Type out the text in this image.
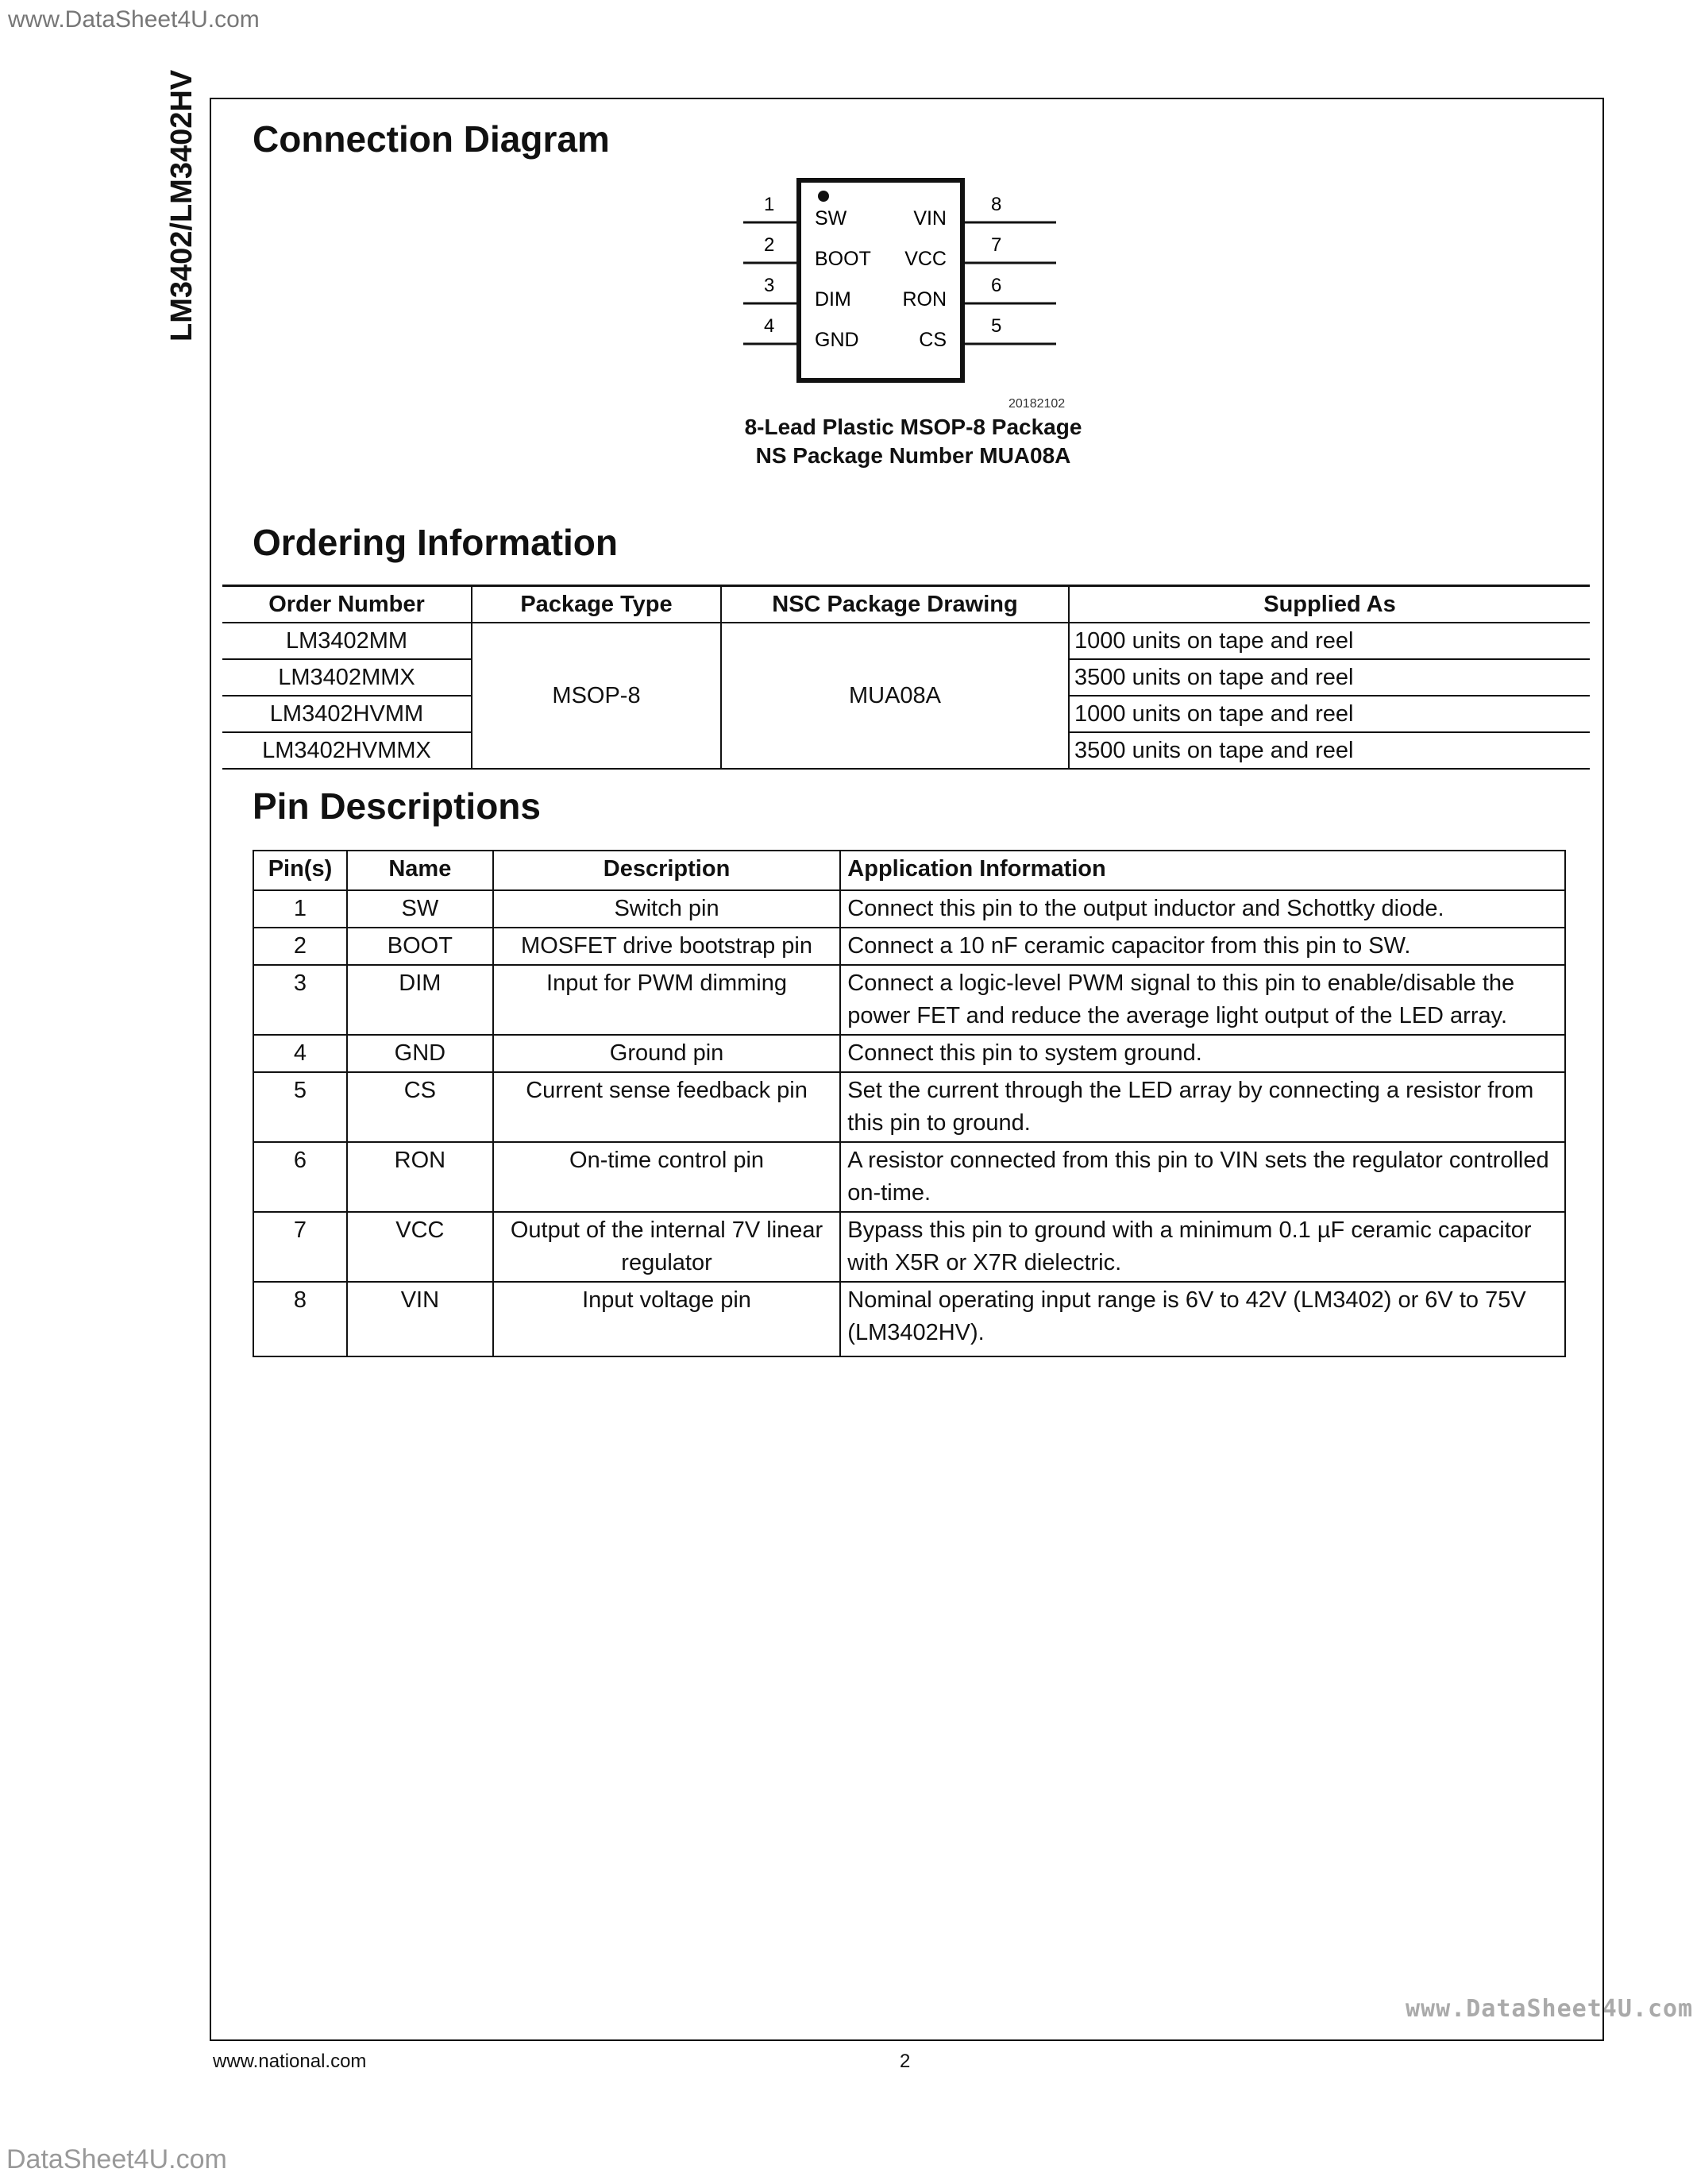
www.DataSheet4U.com
DataSheet4U.com
www.DataSheet4U.com
LM3402/LM3402HV Connection Diagram
1
2
3
4
SW
BOOT
DIM
GND
VIN
VCC
RON
CS
8
7
6
5
20182102
8-Lead Plastic MSOP-8 Package
NS Package Number MUA08A
Ordering Information
Order Number	Package Type	NSC Package Drawing	Supplied As
LM3402MM	MSOP-8	MUA08A	1000 units on tape and reel
LM3402MMX			3500 units on tape and reel
LM3402HVMM			1000 units on tape and reel
LM3402HVMMX			3500 units on tape and reel
Pin Descriptions
Pin(s)	Name	Description	Application Information
1	SW	Switch pin	Connect this pin to the output inductor and Schottky diode.
2	BOOT	MOSFET drive bootstrap pin	Connect a 10 nF ceramic capacitor from this pin to SW.
3	DIM	Input for PWM dimming	Connect a logic-level PWM signal to this pin to enable/disable the power FET and reduce the average light output of the LED array.
4	GND	Ground pin	Connect this pin to system ground.
5	CS	Current sense feedback pin	Set the current through the LED array by connecting a resistor from this pin to ground.
6	RON	On-time control pin	A resistor connected from this pin to VIN sets the regulator controlled on-time.
7	VCC	Output of the internal 7V linear regulator	Bypass this pin to ground with a minimum 0.1 µF ceramic capacitor with X5R or X7R dielectric.
8	VIN	Input voltage pin	Nominal operating input range is 6V to 42V (LM3402) or 6V to 75V (LM3402HV).
www.national.com	2
